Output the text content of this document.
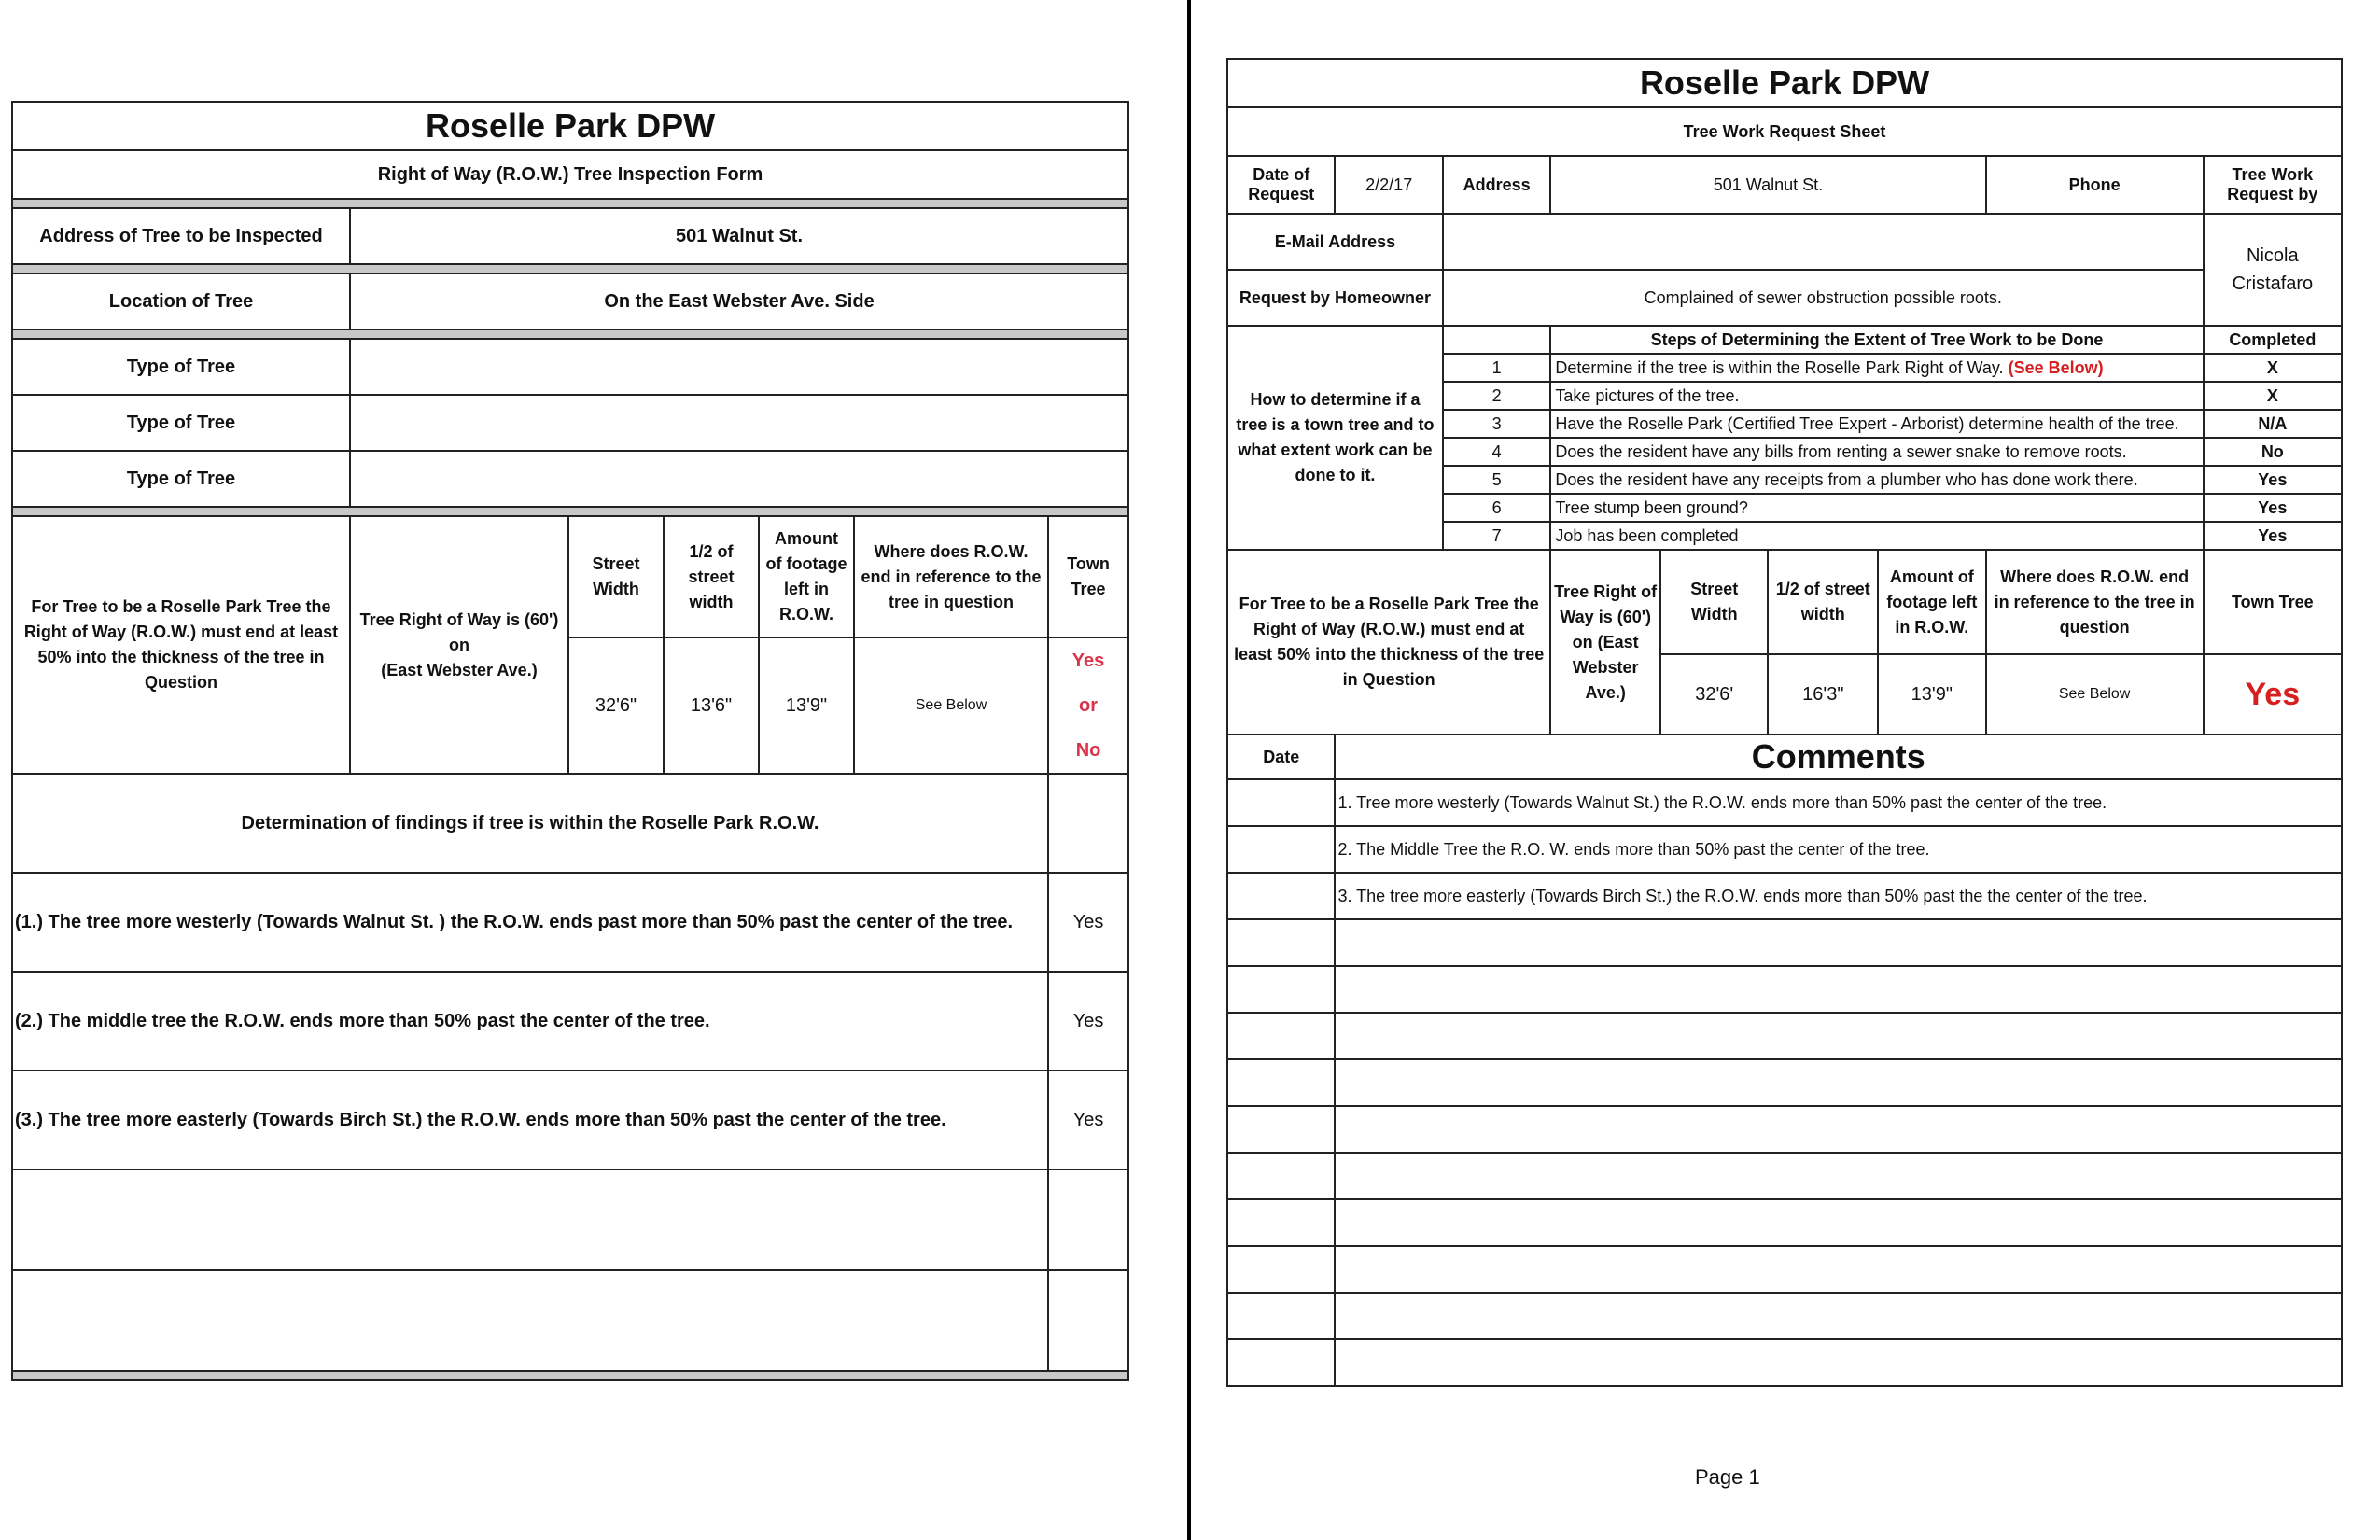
Roselle Park DPW						
Right of Way (R.O.W.) Tree Inspection Form						

Address of Tree to be Inspected	501 Walnut St.					

Location of Tree	On the East Webster Ave. Side					

Type of Tree						
Type of Tree						
Type of Tree						

For Tree to be a Roselle Park Tree the Right of Way (R.O.W.) must end at least 50% into the thickness of the tree in Question	Tree Right of Way is (60')
on
(East Webster Ave.)	Street Width	1/2 of street width	Amount of footage left in R.O.W.	Where does R.O.W. end in reference to the tree in question	Town Tree
		32'6"	13'6"	13'9"	See Below	Yes
or
No

Determination of findings if tree is within the Roselle Park R.O.W.						
(1.) The tree more westerly (Towards Walnut St. ) the R.O.W. ends past more than 50% past the center of the tree.						Yes
(2.) The middle tree the R.O.W. ends more than 50% past the center of the tree.						Yes
(3.) The tree more easterly (Towards Birch St.) the R.O.W. ends more than 50% past the center of the tree.						Yes

Roselle Park DPW								
Tree Work Request Sheet								
Date of Request	2/2/17	Address	501 Walnut St.				Phone	Tree Work Request by
E-Mail Address								Nicola Cristafaro
Request by Homeowner		Complained of sewer obstruction possible roots.						
How to determine if a tree is a town tree and to what extent work can be done to it.			Steps of Determining the Extent of Tree Work to be Done					Completed
		1	Determine if the tree is within the Roselle Park Right of Way. (See Below)					X
		2	Take pictures of the tree.					X
		3	Have the Roselle Park (Certified Tree Expert - Arborist) determine health of the tree.					N/A
		4	Does the resident have any bills from renting a sewer snake to remove roots.					No
		5	Does the resident have any receipts from a plumber who has done work there.					Yes
		6	Tree stump been ground?					Yes
		7	Job has been completed					Yes
For Tree to be a Roselle Park Tree the Right of Way (R.O.W.) must end at least 50% into the thickness of the tree in Question			Tree Right of Way is (60') on (East Webster Ave.)	Street Width	1/2 of street width	Amount of footage left in R.O.W.	Where does R.O.W. end in reference to the tree in question	Town Tree
				32'6'	16'3"	13'9"	See Below	Yes
Date	Comments							
	1. Tree more westerly (Towards Walnut St.) the R.O.W. ends more than 50% past the center of the tree.							
	2. The Middle Tree the R.O. W. ends more than 50% past the center of the tree.							
	3. The tree more easterly (Towards Birch St.) the R.O.W. ends more than 50% past the the center of the tree.							

Page 1
